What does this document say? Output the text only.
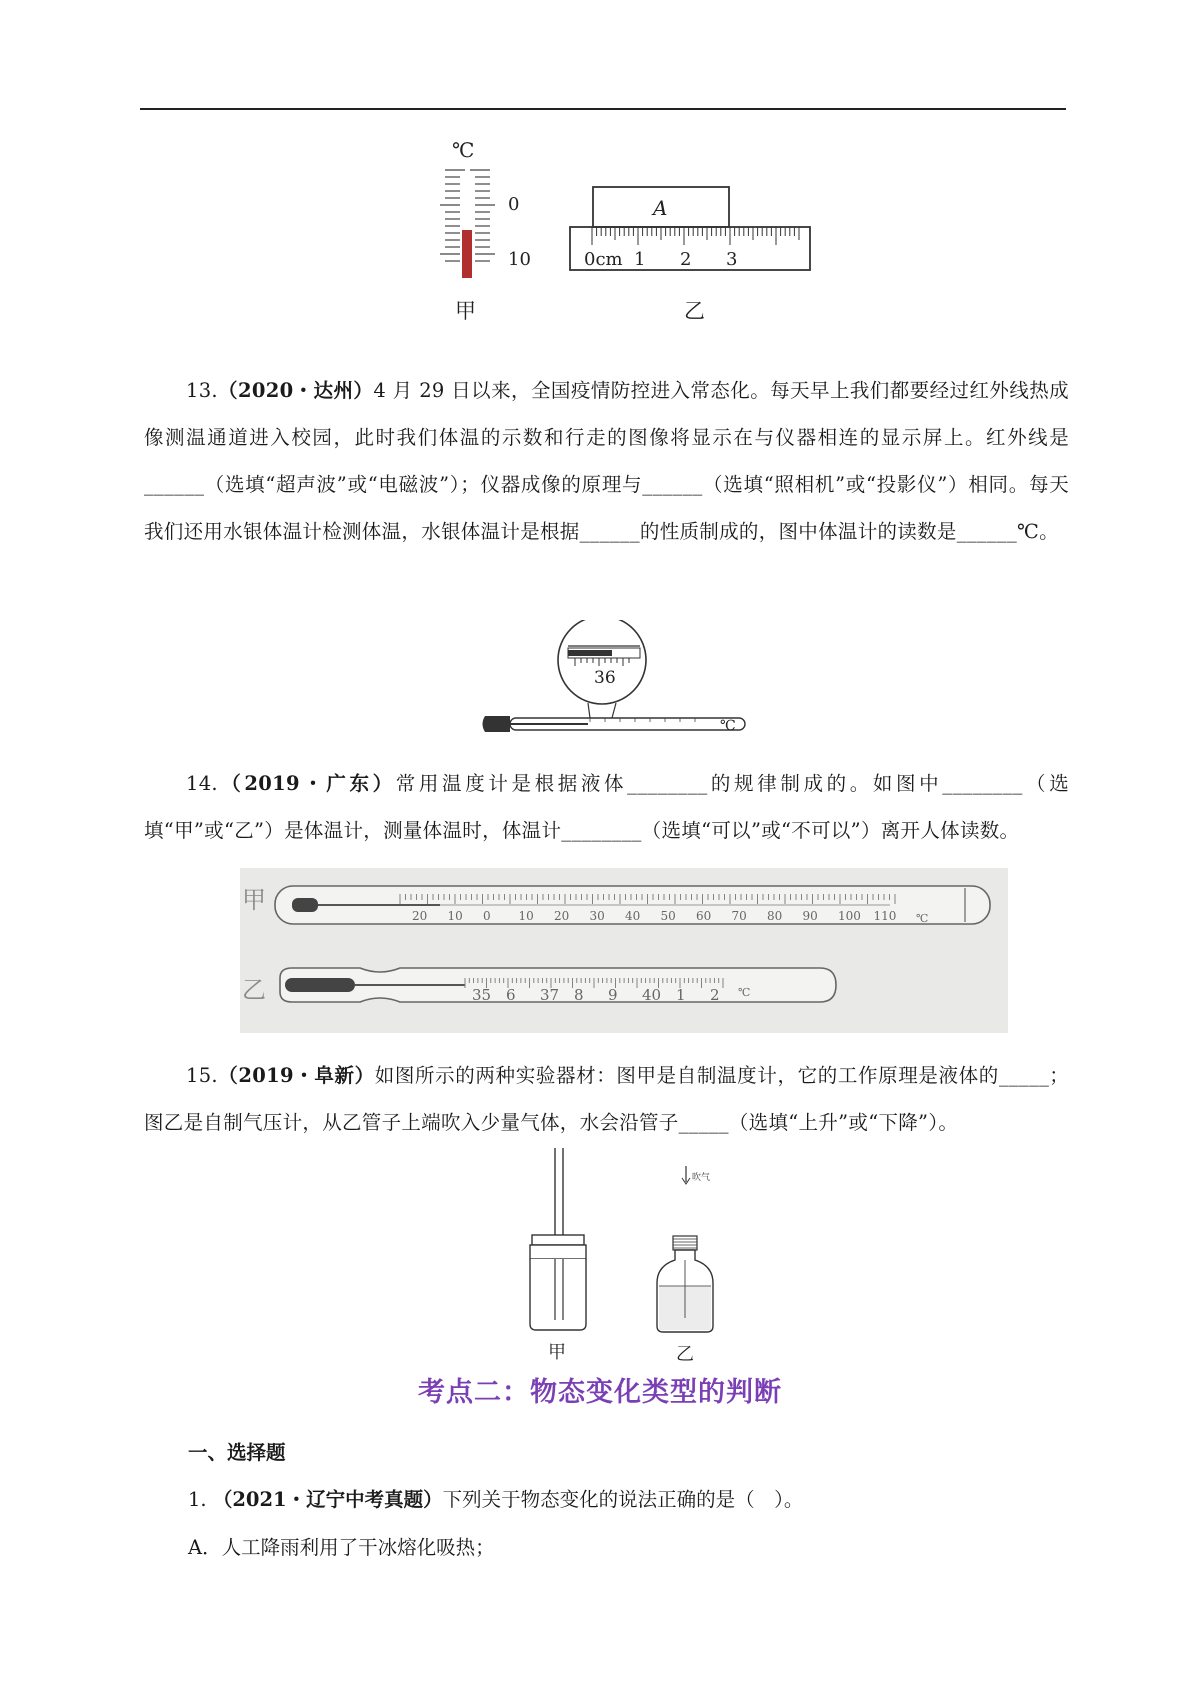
℃
0
10
甲
A
0cm 1 2 3
乙

13.（2020・达州）4 月 29 日以来，全国疫情防控进入常态化。每天早上我们都要经过红外线热成像测温通道进入校园，此时我们体温的示数和行走的图像将显示在与仪器相连的显示屏上。红外线是______（选填“超声波”或“电磁波”）；仪器成像的原理与______（选填“照相机”或“投影仪”）相同。每天我们还用水银体温计检测体温，水银体温计是根据______的性质制成的，图中体温计的读数是______℃。

36
℃

14.（2019・广东）常用温度计是根据液体________的规律制成的。如图中________（选填“甲”或“乙”）是体温计，测量体温时，体温计________（选填“可以”或“不可以”）离开人体读数。

甲
20 10 0 10 20 30 40 50 60 70 80 90 100 110 ℃
乙	35 6 37 8 9 40 1 2 ℃

15.（2019・阜新）如图所示的两种实验器材：图甲是自制温度计，它的工作原理是液体的_____；图乙是自制气压计，从乙管子上端吹入少量气体，水会沿管子_____（选填“上升”或“下降”）。

甲
吹气
乙
考点二：物态变化类型的判断
一、选择题
1. （2021・辽宁中考真题）下列关于物态变化的说法正确的是（　）。
A．人工降雨利用了干冰熔化吸热；
